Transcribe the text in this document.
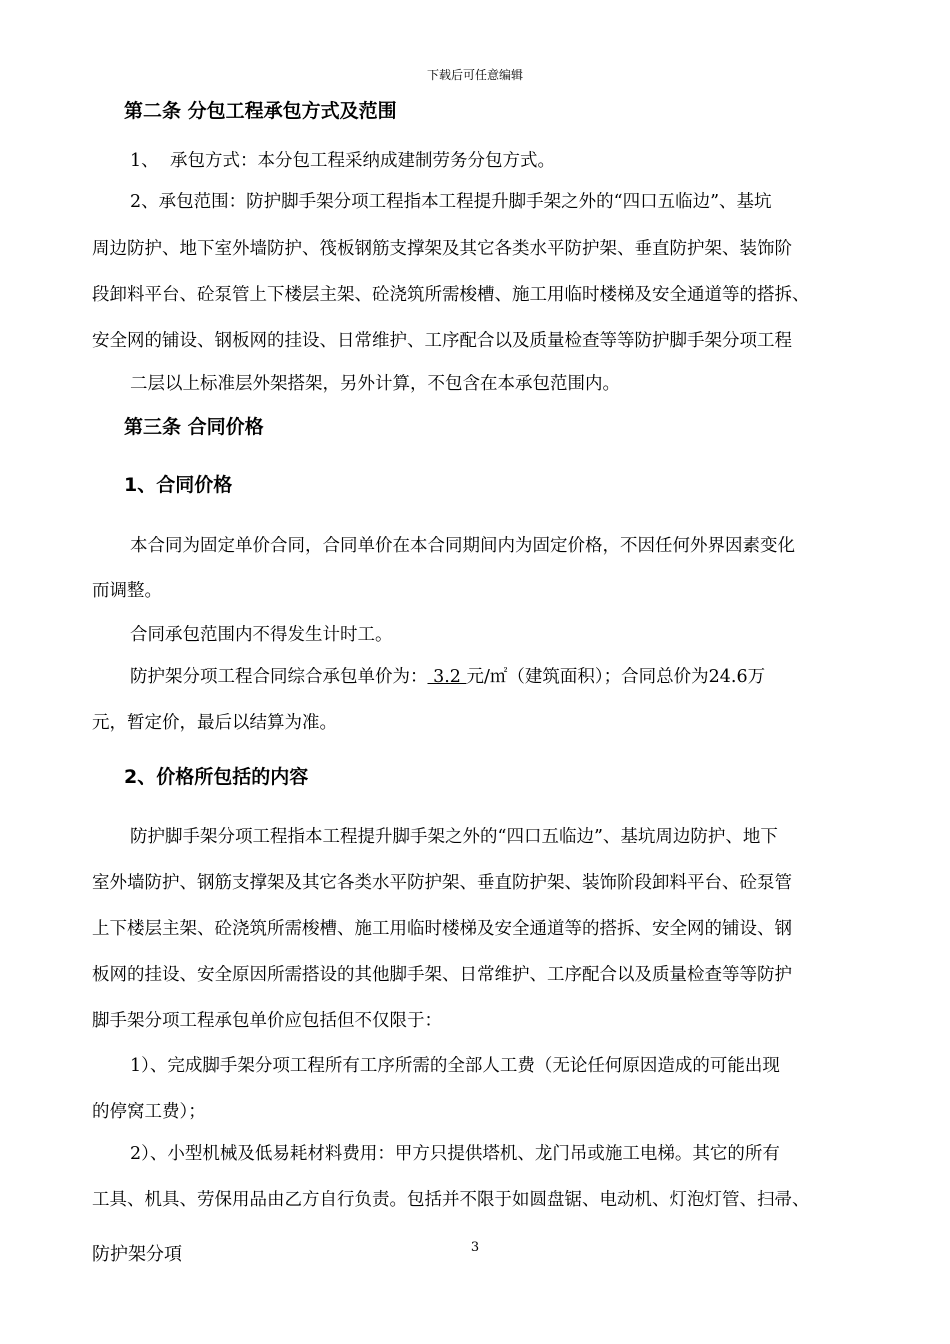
下载后可任意编辑
第二条 分包工程承包方式及范围
1、 承包方式：本分包工程采纳成建制劳务分包方式。
2、承包范围：防护脚手架分项工程指本工程提升脚手架之外的“四口五临边”、基坑
周边防护、地下室外墙防护、筏板钢筋支撑架及其它各类水平防护架、垂直防护架、装饰阶
段卸料平台、砼泵管上下楼层主架、砼浇筑所需梭槽、施工用临时楼梯及安全通道等的搭拆、
安全网的铺设、钢板网的挂设、日常维护、工序配合以及质量检查等等防护脚手架分项工程
二层以上标准层外架搭架，另外计算，不包含在本承包范围内。
第三条 合同价格
1、合同价格
本合同为固定单价合同，合同单价在本合同期间内为固定价格，不因任何外界因素变化
而调整。
合同承包范围内不得发生计时工。
防护架分项工程合同综合承包单价为： 3.2 元/㎡（建筑面积）；合同总价为24.6万
元，暂定价，最后以结算为准。
2、价格所包括的内容
防护脚手架分项工程指本工程提升脚手架之外的“四口五临边”、基坑周边防护、地下
室外墙防护、钢筋支撑架及其它各类水平防护架、垂直防护架、装饰阶段卸料平台、砼泵管
上下楼层主架、砼浇筑所需梭槽、施工用临时楼梯及安全通道等的搭拆、安全网的铺设、钢
板网的挂设、安全原因所需搭设的其他脚手架、日常维护、工序配合以及质量检查等等防护
脚手架分项工程承包单价应包括但不仅限于：
1）、完成脚手架分项工程所有工序所需的全部人工费（无论任何原因造成的可能出现
的停窝工费）；
2）、小型机械及低易耗材料费用：甲方只提供塔机、龙门吊或施工电梯。其它的所有
工具、机具、劳保用品由乙方自行负责。包括并不限于如圆盘锯、电动机、灯泡灯管、扫帚、
防护架分項	3
